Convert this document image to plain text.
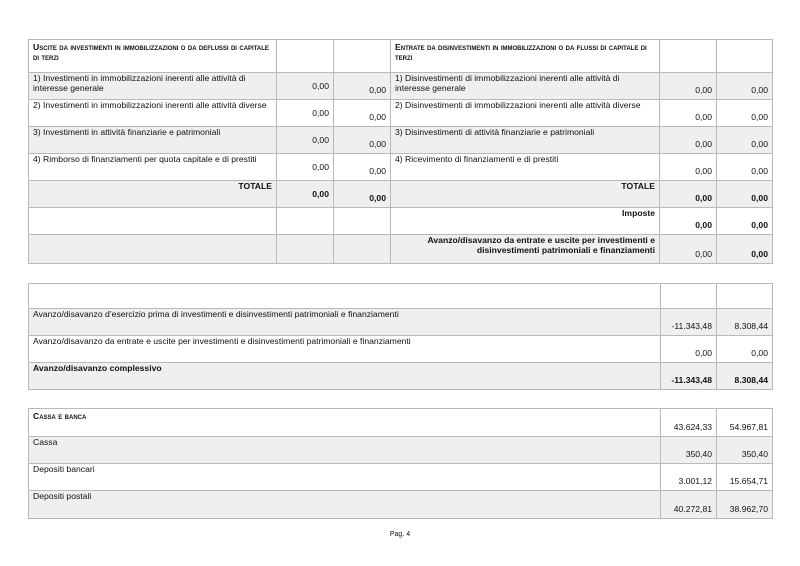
Uscite da investimenti in immobilizzazioni o da deflussi di capitale di terzi			Entrate da disinvestimenti in immobilizzazioni o da flussi di capitale di terzi		
1) Investimenti in immobilizzazioni inerenti alle attività di interesse generale	0,00	0,00	1) Disinvestimenti di immobilizzazioni inerenti alle attività di interesse generale	0,00	0,00
2) Investimenti in immobilizzazioni inerenti alle attività diverse	0,00	0,00	2) Disinvestimenti di immobilizzazioni inerenti alle attività diverse	0,00	0,00
3) Investimenti in attività finanziarie e patrimoniali	0,00	0,00	3) Disinvestimenti di attività finanziarie e patrimoniali	0,00	0,00
4) Rimborso di finanziamenti per quota capitale e di prestiti	0,00	0,00	4) Ricevimento di finanziamenti e di prestiti	0,00	0,00
TOTALE	0,00	0,00	TOTALE	0,00	0,00
			Imposte	0,00	0,00
			Avanzo/disavanzo da entrate e uscite per investimenti e disinvestimenti patrimoniali e finanziamenti	0,00	0,00

Avanzo/disavanzo d’esercizio prima di investimenti e disinvestimenti patrimoniali e finanziamenti	-11.343,48	8.308,44
Avanzo/disavanzo da entrate e uscite per investimenti e disinvestimenti patrimoniali e finanziamenti	0,00	0,00
Avanzo/disavanzo complessivo	-11.343,48	8.308,44
Cassa e banca	43.624,33	54.967,81
Cassa	350,40	350,40
Depositi bancari	3.001,12	15.654,71
Depositi postali	40.272,81	38.962,70
Pag. 4
